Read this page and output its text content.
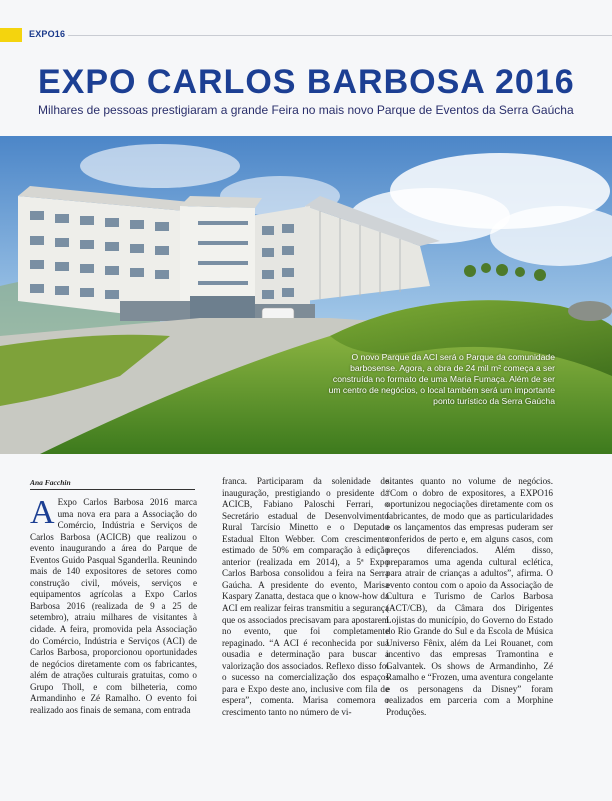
EXPO16
EXPO CARLOS BARBOSA 2016
Milhares de pessoas prestigiaram a grande Feira no mais novo Parque de Eventos da Serra Gaúcha
O novo Parque da ACI será o Parque da comunidade barbosense. Agora, a obra de 24 mil m² começa a ser construída no formato de uma Maria Fumaça. Além de ser um centro de negócios, o local também será um importante ponto turístico da Serra Gaúcha
Ana Facchin
A Expo Carlos Barbosa 2016 marca uma nova era para a Associação do Comércio, Indústria e Serviços de Carlos Barbosa (ACICB) que realizou o evento inaugurando a área do Parque de Eventos Guido Pasqual Sganderlla. Reunindo mais de 140 expositores de setores como construção civil, móveis, serviços e equipamentos agrícolas a Expo Carlos Barbosa 2016 (realizada de 9 a 25 de setembro), atraiu milhares de visitantes à cidade. A feira, promovida pela Associação do Comércio, Indústria e Serviços (ACI) de Carlos Barbosa, proporcionou oportunidades de negócios diretamente com os fabricantes, além de atrações culturais gratuitas, como o Grupo Tholl, e com bilheteria, como Armandinho e Zé Ramalho. O evento foi realizado aos finais de semana, com entrada

franca. Participaram da solenidade de inauguração, prestigiando o presidente da ACICB, Fabiano Paloschi Ferrari, o Secretário estadual de Desenvolvimento Rural Tarcísio Minetto e o Deputado Estadual Elton Webber. Com crescimento estimado de 50% em comparação à edição anterior (realizada em 2014), a 5ª Expo Carlos Barbosa consolidou a feira na Serra Gaúcha. A presidente do evento, Marisa Kaspary Zanatta, destaca que o know-how da ACI em realizar feiras transmitiu a segurança que os associados precisavam para apostarem no evento, que foi completamente repaginado. “A ACI é reconhecida por sua ousadia e determinação para buscar a valorização dos associados. Reflexo disso foi o sucesso na comercialização dos espaços para e Expo deste ano, inclusive com fila de espera”, comenta. Marisa comemora o crescimento tanto no número de vi-

sitantes quanto no volume de negócios. “Com o dobro de expositores, a EXPO16 oportunizou negociações diretamente com os fabricantes, de modo que as particularidades e os lançamentos das empresas puderam ser conferidos de perto e, em alguns casos, com preços diferenciados. Além disso, preparamos uma agenda cultural eclética, para atrair de crianças a adultos”, afirma. O evento contou com o apoio da Associação de Cultura e Turismo de Carlos Barbosa (ACT/CB), da Câmara dos Dirigentes Lojistas do município, do Governo do Estado do Rio Grande do Sul e da Escola de Música Universo Fênix, além da Lei Rouanet, com incentivo das empresas Tramontina e Galvantek. Os shows de Armandinho, Zé Ramalho e “Frozen, uma aventura congelante e os personagens da Disney” foram realizados em parceria com a Morphine Produções.
